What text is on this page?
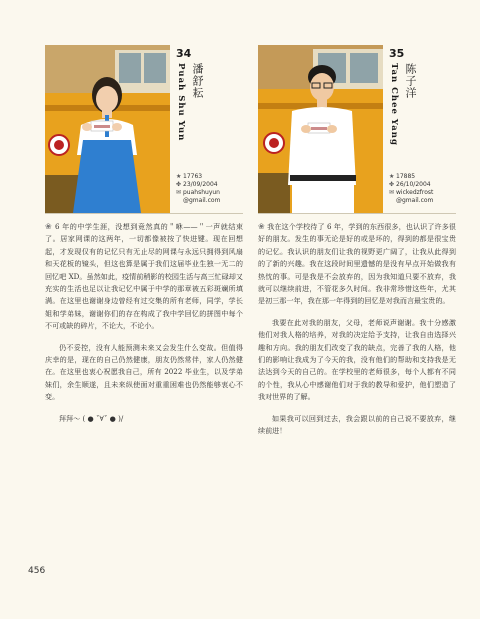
34
Puah Shu Yun 潘舒耘
★ 17763
✤ 23/09/2004
✉ puahshuyun
@gmail.com
35
Tan Chee Yang 陈子洋
★ 17885
✤ 26/10/2004
✉ wickedzfrost
@gmail.com

❀ 6 年的中学生涯，没想到竟然真的＂咻——＂一声就结束了。居家网课的这两年，一切都像被按了快进键。现在回想起，才发现仅有的记忆只有无止尽的网课与永远只拥得到风扇和天花板的镜头，但这也算是属于我们这届毕业生独一无二的回忆吧 XD。虽然如此，疫情前稍影的校园生活与高三忙碌却又充实的生活也足以让我记忆中属于中学的那章被五彩斑斓所填满。在这里也谢谢身边曾经有过交集的所有老师，同学，学长姐和学弟妹，谢谢你们的存在构成了我中学回忆的拼图中每个不可或缺的碎片，不论大，不论小。

仍不妥控，没有人能预测未来又会发生什么变故。但值得庆幸的是，现在的自己仍然健康，朋友仍然常伴，家人仍然健在。在这里也衷心祝愿我自己，所有 2022 毕业生，以及学弟妹们，余生顺遂，且未来纵使面对重重困难也仍然能够衷心不变。

拜拜～ ( ● ˇ∀ˇ ● )/

❀ 我在这个学校待了 6 年，学到的东西很多，也认识了许多很好的朋友。发生的事无论是好的或是坏的，得到的都是很宝贵的记忆。我认识的朋友们让我的视野更广阔了，让我从此得到的了新的兴趣。我在这段时间里遗憾的是没有早点开始做我有热忱的事。可是我是不会放弃的，因为我知道只要不放弃，我就可以继续前进，不管花多久时间。我非常珍惜这些年，尤其是初三那一年，我在那一年得到的回忆是对我而言最宝贵的。

我要在此对我的朋友，父母，老师说声谢谢。我十分感激他们对我人格的培养，对我的决定给予支持，让我自由选择兴趣和方向。我的朋友们改变了我的缺点，完善了我的人格，他们的影响让我成为了今天的我，没有他们的帮助和支持我是无法达到今天的自己的。在学校里的老师很多，每个人都有不同的个性，我从心中感谢他们对于我的教导和爱护，他们塑造了我对世界的了解。

如果我可以回到过去，我会跟以前的自己说不要放弃，继续前进！

456
